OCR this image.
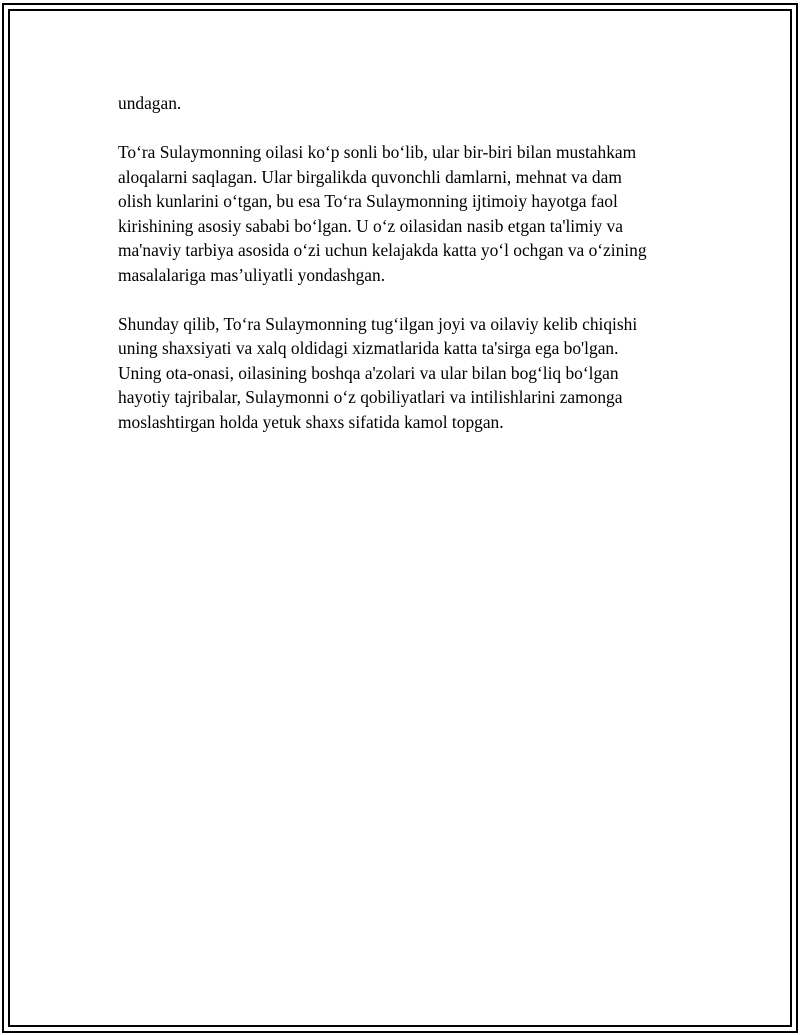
undagan.

To‘ra Sulaymonning oilasi ko‘p sonli bo‘lib, ular bir-biri bilan mustahkam
aloqalarni saqlagan. Ular birgalikda quvonchli damlarni, mehnat va dam
olish kunlarini o‘tgan, bu esa To‘ra Sulaymonning ijtimoiy hayotga faol
kirishining asosiy sababi bo‘lgan. U o‘z oilasidan nasib etgan ta'limiy va
ma'naviy tarbiya asosida o‘zi uchun kelajakda katta yo‘l ochgan va o‘zining
masalalariga mas’uliyatli yondashgan.

Shunday qilib, To‘ra Sulaymonning tug‘ilgan joyi va oilaviy kelib chiqishi
uning shaxsiyati va xalq oldidagi xizmatlarida katta ta'sirga ega bo'lgan.
Uning ota-onasi, oilasining boshqa a'zolari va ular bilan bog‘liq bo‘lgan
hayotiy tajribalar, Sulaymonni o‘z qobiliyatlari va intilishlarini zamonga
moslashtirgan holda yetuk shaxs sifatida kamol topgan.
